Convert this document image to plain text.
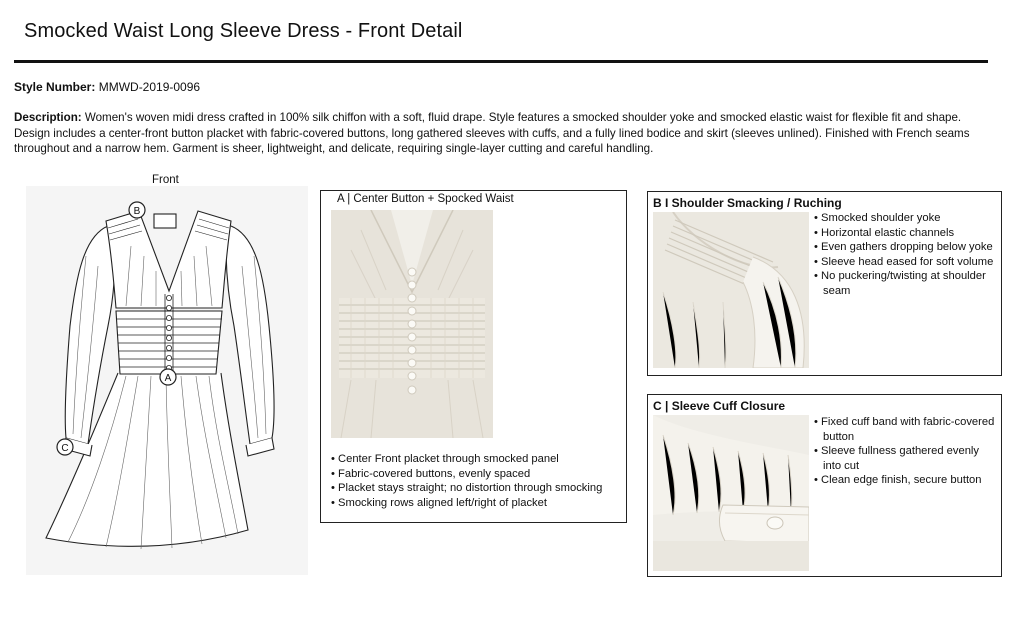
Smocked Waist Long Sleeve Dress - Front Detail
Style Number: MMWD-2019-0096
Description: Women's woven midi dress crafted in 100% silk chiffon with a soft, fluid drape. Style features a smocked shoulder yoke and smocked elastic waist for flexible fit and shape. Design includes a center-front button placket with fabric-covered buttons, long gathered sleeves with cuffs, and a fully lined bodice and skirt (sleeves unlined). Finished with French seams throughout and a narrow hem. Garment is sheer, lightweight, and delicate, requiring single-layer cutting and careful handling.
Front
B
A
C
A | Center Button + Spocked Waist
• Center Front placket through smocked panel
• Fabric-covered buttons, evenly spaced
• Placket stays straight; no distortion through smocking
• Smocking rows aligned left/right of placket
B I Shoulder Smacking / Ruching
• Smocked shoulder yoke
• Horizontal elastic channels
• Even gathers dropping below yoke
• Sleeve head eased for soft volume
• No puckering/twisting at shoulder seam
C | Sleeve Cuff Closure
• Fixed cuff band with fabric-covered button
• Sleeve fullness gathered evenly into cut
• Clean edge finish, secure button
